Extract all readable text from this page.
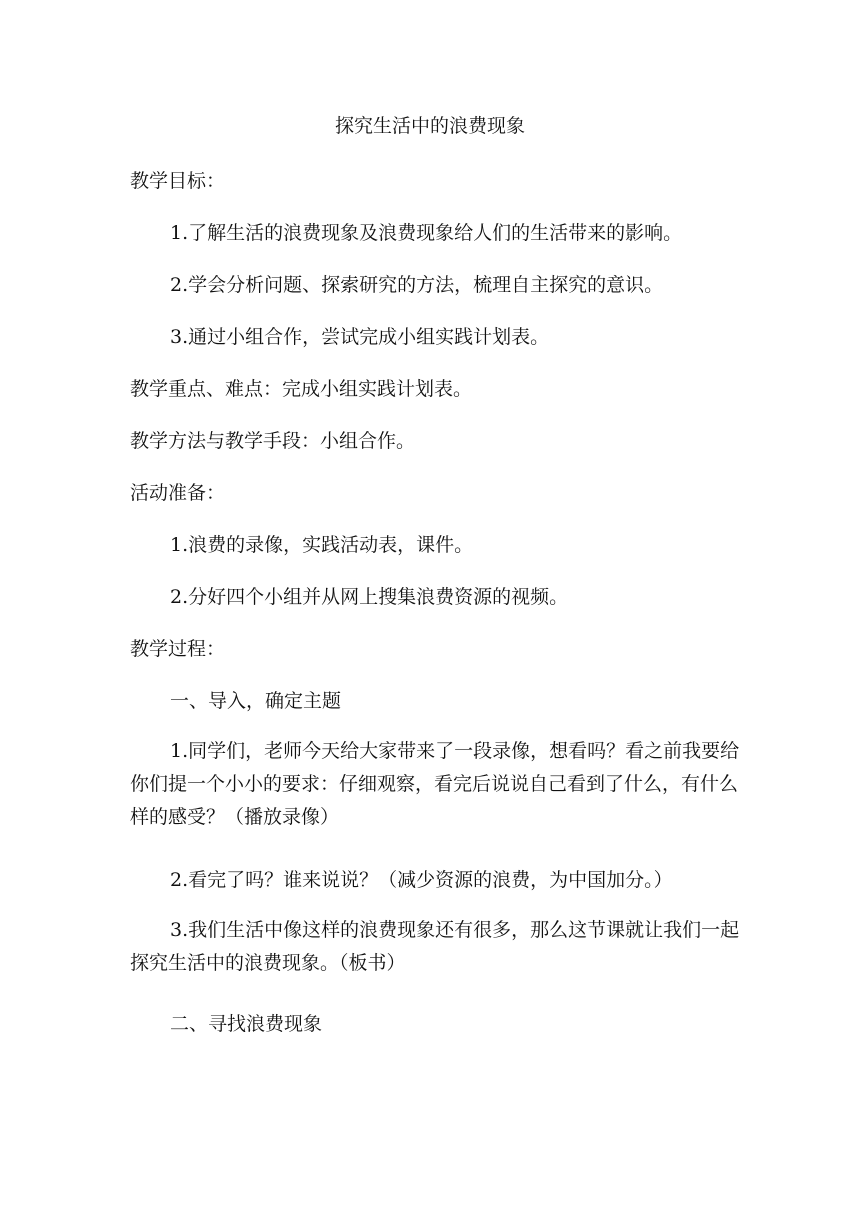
探究生活中的浪费现象
教学目标：
1.了解生活的浪费现象及浪费现象给人们的生活带来的影响。
2.学会分析问题、探索研究的方法，梳理自主探究的意识。
3.通过小组合作，尝试完成小组实践计划表。
教学重点、难点：完成小组实践计划表。
教学方法与教学手段：小组合作。
活动准备：
1.浪费的录像，实践活动表，课件。
2.分好四个小组并从网上搜集浪费资源的视频。
教学过程：
一、导入，确定主题
1.同学们，老师今天给大家带来了一段录像，想看吗？看之前我要给你们提一个小小的要求：仔细观察，看完后说说自己看到了什么，有什么样的感受？（播放录像）
2.看完了吗？谁来说说？（减少资源的浪费，为中国加分。）
3.我们生活中像这样的浪费现象还有很多，那么这节课就让我们一起探究生活中的浪费现象。（板书）
二、寻找浪费现象
